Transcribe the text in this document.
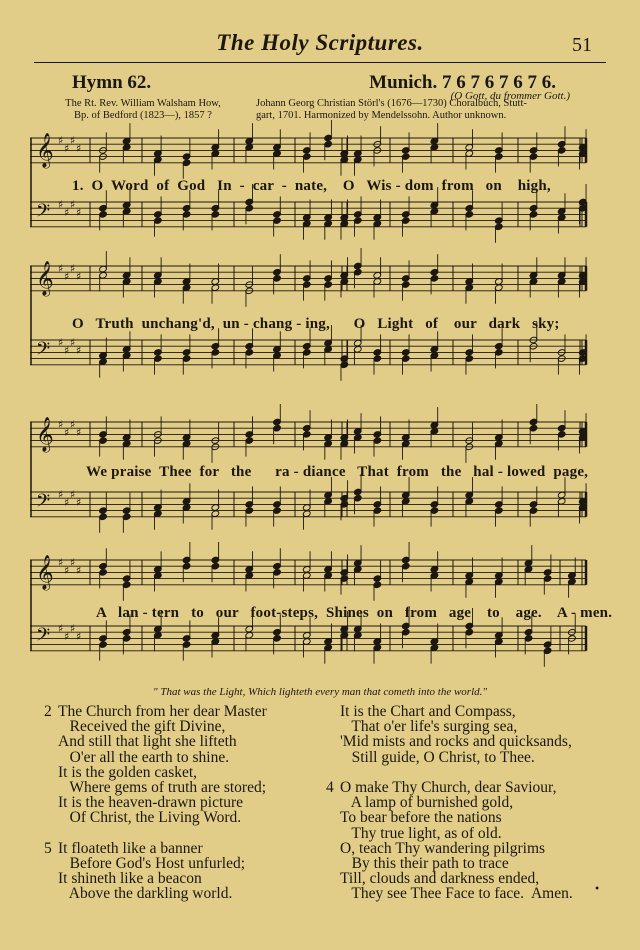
The Holy Scriptures.	51
Hymn 62.	Munich. 7 6 7 6 7 6 7 6.
(O Gott, du frommer Gott.)
The Rt. Rev. William Walsham How,
Bp. of Bedford (1823—), 1857 ?
Johann Georg Christian Störl's (1676—1730) Choralbuch, Stutt-
gart, 1701. Harmonized by Mendelssohn. Author unknown.
𝄞 ♯
♯
♯
♯
𝄢 ♯
♯
♯
♯
1.  O  Word  of  God   In  -  car  -  nate,    O   Wis - dom  from   on    high,
𝄞 ♯
♯
♯
♯
𝄢 ♯
♯
♯
♯
O   Truth  unchang'd,  un - chang - ing,      O   Light   of    our   dark   sky;
𝄞 ♯
♯
♯
♯
𝄢 ♯
♯
♯
♯
We praise  Thee  for   the      ra - diance   That  from   the   hal - lowed  page,
𝄞 ♯
♯
♯
♯
𝄢 ♯
♯
♯
♯
A   lan - tern   to   our   foot-steps,  Shines  on   from   age    to    age.    A - men.
" That was the Light, Which lighteth every man that cometh into the world."
2 The Church from her dear Master
Received the gift Divine,
And still that light she lifteth
O'er all the earth to shine.
It is the golden casket,
Where gems of truth are stored;
It is the heaven-drawn picture
Of Christ, the Living Word.
5 It floateth like a banner
Before God's Host unfurled;
It shineth like a beacon
Above the darkling world.
It is the Chart and Compass,
That o'er life's surging sea,
'Mid mists and rocks and quicksands,
Still guide, O Christ, to Thee.
4 O make Thy Church, dear Saviour,
A lamp of burnished gold,
To bear before the nations
Thy true light, as of old.
O, teach Thy wandering pilgrims
By this their path to trace
Till, clouds and darkness ended,
They see Thee Face to face.  Amen. •
